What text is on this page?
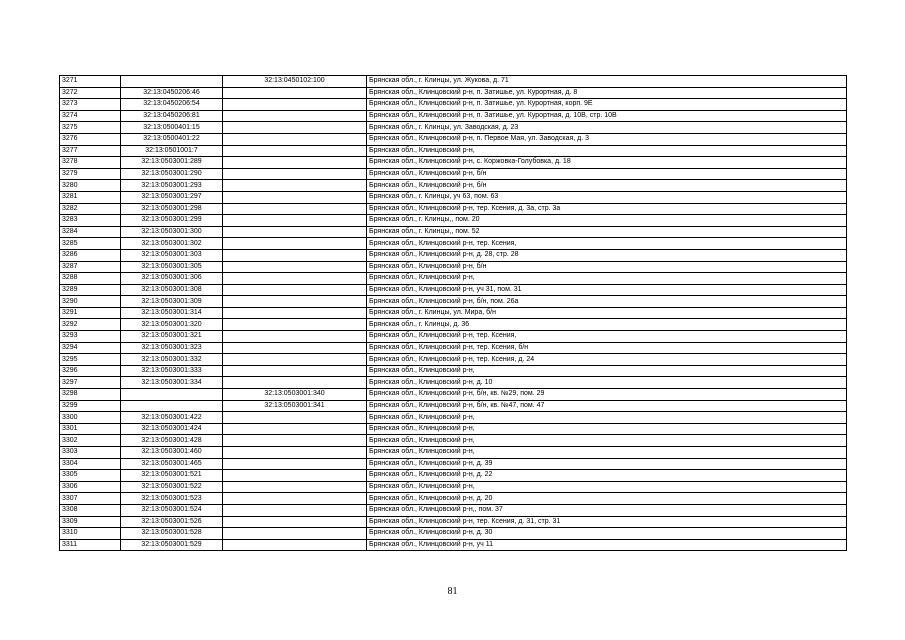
3271		32:13:0450102:100	Брянская обл., г. Клинцы, ул. Жукова, д. 71
3272	32:13:0450206:46		Брянская обл., Клинцовский р-н, п. Затишье, ул. Курортная, д. 8
3273	32:13:0450206:54		Брянская обл., Клинцовский р-н, п. Затишье, ул. Курортная, корп. 9Е
3274	32:13:0450206:81		Брянская обл., Клинцовский р-н, п. Затишье, ул. Курортная, д. 10В, стр. 10В
3275	32:13:0500401:15		Брянская обл., г. Клинцы, ул. Заводская, д. 23
3276	32:13:0500401:22		Брянская обл., Клинцовский р-н, п. Первое Мая, ул. Заводская, д. 3
3277	32:13:0501001:7		Брянская обл., Клинцовский р-н,
3278	32:13:0503001:289		Брянская обл., Клинцовский р-н, с. Коржовка-Голубовка, д. 18
3279	32:13:0503001:290		Брянская обл., Клинцовский р-н, б/н
3280	32:13:0503001:293		Брянская обл., Клинцовский р-н, б/н
3281	32:13:0503001:297		Брянская обл., г. Клинцы, уч 63, пом. 63
3282	32:13:0503001:298		Брянская обл., Клинцовский р-н, тер. Ксения, д. 3а, стр. 3а
3283	32:13:0503001:299		Брянская обл., г. Клинцы,, пом. 20
3284	32:13:0503001:300		Брянская обл., г. Клинцы,, пом. 52
3285	32:13:0503001:302		Брянская обл., Клинцовский р-н, тер. Ксения,
3286	32:13:0503001:303		Брянская обл., Клинцовский р-н, д. 28, стр. 28
3287	32:13:0503001:305		Брянская обл., Клинцовский р-н, б/н
3288	32:13:0503001:306		Брянская обл., Клинцовский р-н,
3289	32:13:0503001:308		Брянская обл., Клинцовский р-н, уч 31, пом. 31
3290	32:13:0503001:309		Брянская обл., Клинцовский р-н, б/н, пом. 26а
3291	32:13:0503001:314		Брянская обл., г. Клинцы, ул. Мира, б/н
3292	32:13:0503001:320		Брянская обл., г. Клинцы, д. 36
3293	32:13:0503001:321		Брянская обл., Клинцовский р-н, тер. Ксения,
3294	32:13:0503001:323		Брянская обл., Клинцовский р-н, тер. Ксения, б/н
3295	32:13:0503001:332		Брянская обл., Клинцовский р-н, тер. Ксения, д. 24
3296	32:13:0503001:333		Брянская обл., Клинцовский р-н,
3297	32:13:0503001:334		Брянская обл., Клинцовский р-н, д. 10
3298		32:13:0503001:340	Брянская обл., Клинцовский р-н, б/н, кв. №29, пом. 29
3299		32:13:0503001:341	Брянская обл., Клинцовский р-н, б/н, кв. №47, пом. 47
3300	32:13:0503001:422		Брянская обл., Клинцовский р-н,
3301	32:13:0503001:424		Брянская обл., Клинцовский р-н,
3302	32:13:0503001:428		Брянская обл., Клинцовский р-н,
3303	32:13:0503001:460		Брянская обл., Клинцовский р-н,
3304	32:13:0503001:465		Брянская обл., Клинцовский р-н, д. 39
3305	32:13:0503001:521		Брянская обл., Клинцовский р-н, д. 22
3306	32:13:0503001:522		Брянская обл., Клинцовский р-н,
3307	32:13:0503001:523		Брянская обл., Клинцовский р-н, д. 20
3308	32:13:0503001:524		Брянская обл., Клинцовский р-н,, пом. 37
3309	32:13:0503001:526		Брянская обл., Клинцовский р-н, тер. Ксения, д. 31, стр. 31
3310	32:13:0503001:528		Брянская обл., Клинцовский р-н, д. 30
3311	32:13:0503001:529		Брянская обл., Клинцовский р-н, уч 11
81
